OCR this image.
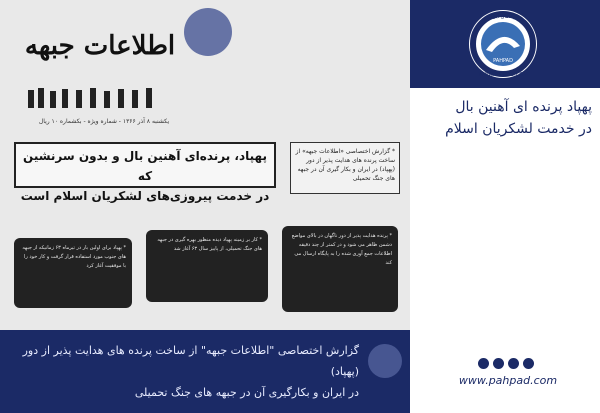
اطلاعات جبهه
یکشنبه ۸ آذر ۱۳۶۶ - شماره ویژه - بکشماره ۱۰ ریال
پهپاد، پرنده‌ای آهنین بال و بدون سرنشین که
در خدمت پیروزی‌های لشکریان اسلام است
* گزارش اختصاصی «اطلاعات جبهه» از ساخت پرنده های هدایت پذیر از دور (پهپاد) در ایران و بکار گیری آن در جبهه های جنگ تحمیلی
* پهپاد برای اولین بار در تیرماه ۶۳ زمانیکه از جبهه های جنوب مورد استفاده قرار گرفت و کار خود را با موفقیت آغاز کرد
* کار بر زمینه پهپاد دیده منظور بهره گیری در جبهه های جنگ تحمیلی، از پاییز سال ۶۳ آغاز شد
* پرنده هدایت پذیر از دور ناگهان در بالای مواضع دشمن ظاهر می شود و در کمتر از چند دقیقه اطلاعات جمع آوری شده را به پایگاه ارسال می کند
پهپادهای ایران
WWW.PAHPAD.COM
PAHPAD
پهپاد پرنده ای آهنین بال
در خدمت لشکریان اسلام
گزارش اختصاصی "اطلاعات جبهه" از ساخت پرنده های هدایت پذیر از دور (پهپاد)
در ایران و بکارگیری آن در جبهه های جنگ تحمیلی
www.pahpad.com
